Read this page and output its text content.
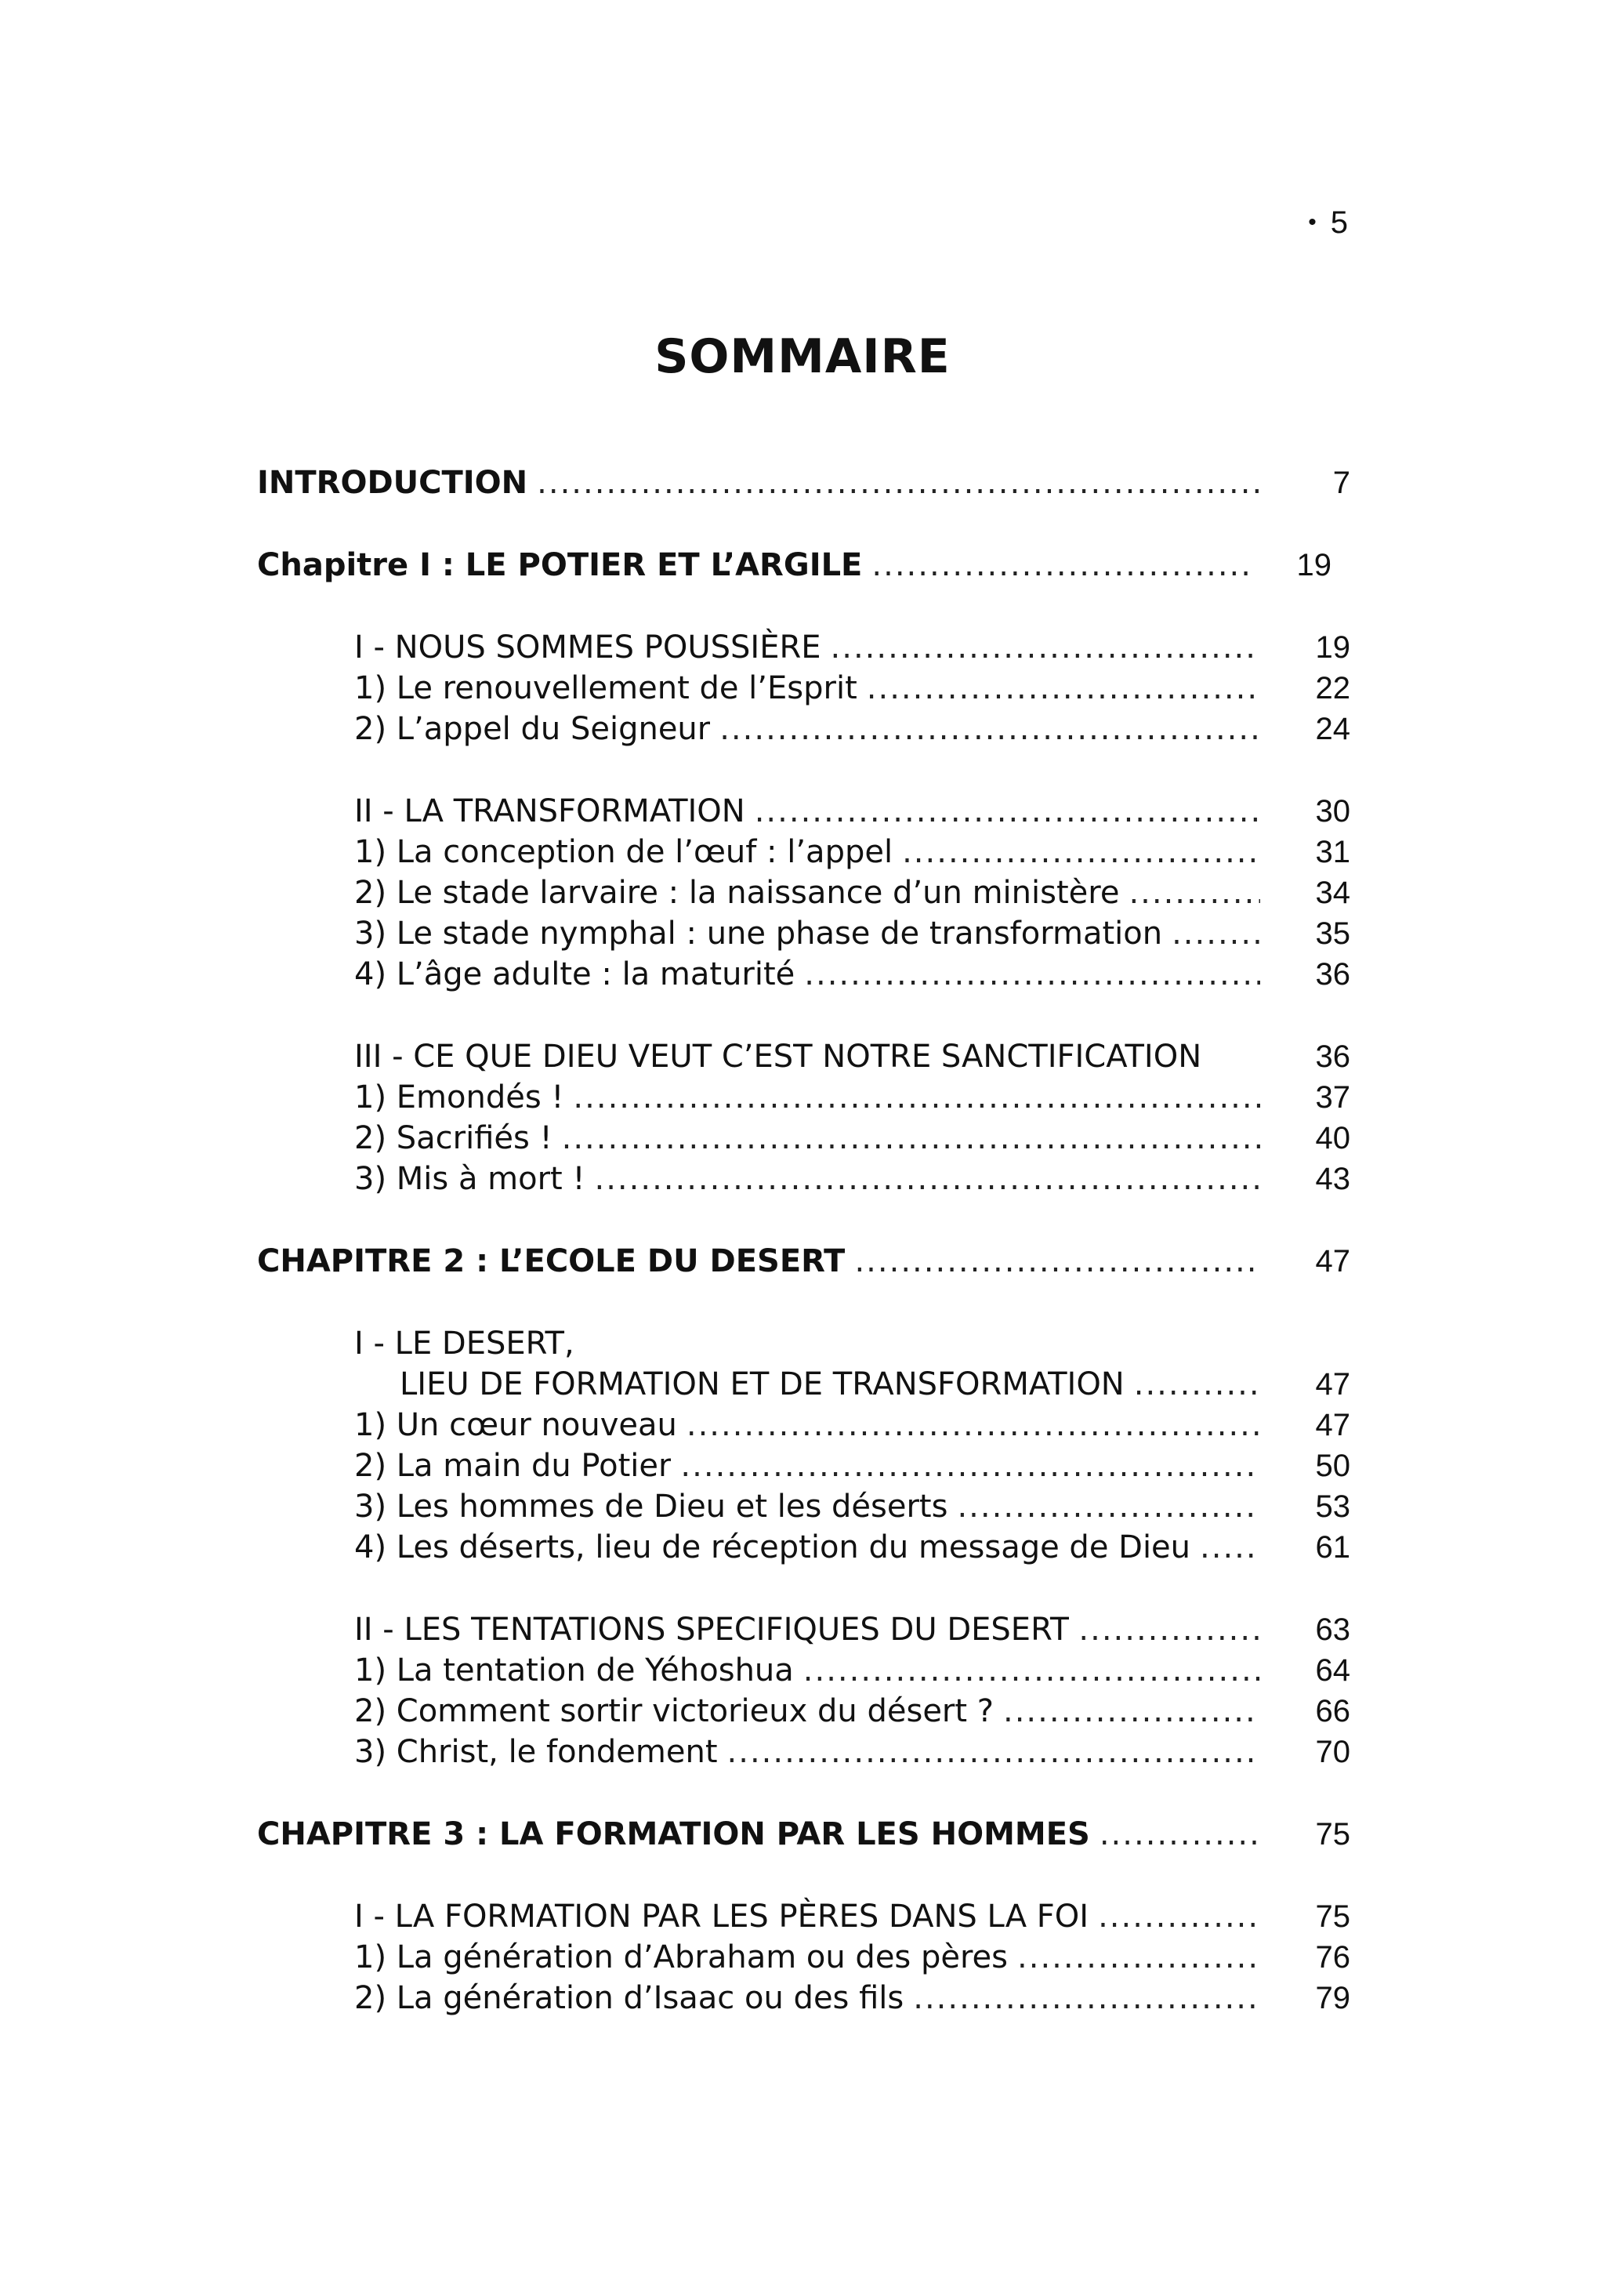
• 5
SOMMAIRE
INTRODUCTION .....	7
Chapitre I : LE POTIER ET L’ARGILE .....	19
I - NOUS SOMMES POUSSIÈRE .....	19
1) Le renouvellement de l’Esprit .....	22
2) L’appel du Seigneur .....	24
II - LA TRANSFORMATION .....	30
1) La conception de l’œuf : l’appel .....	31
2) Le stade larvaire : la naissance d’un ministère .....	34
3) Le stade nymphal : une phase de transformation .....	35
4) L’âge adulte : la maturité .....	36
III - CE QUE DIEU VEUT C’EST NOTRE SANCTIFICATION	36
1) Emondés ! .....	37
2) Sacrifiés ! .....	40
3) Mis à mort ! .....	43
CHAPITRE 2 : L’ECOLE DU DESERT .....	47
I - LE DESERT,
LIEU DE FORMATION ET DE TRANSFORMATION .....	47
1) Un cœur nouveau .....	47
2) La main du Potier .....	50
3) Les hommes de Dieu et les déserts .....	53
4) Les déserts, lieu de réception du message de Dieu .....	61
II - LES TENTATIONS SPECIFIQUES DU DESERT .....	63
1) La tentation de Yéhoshua .....	64
2) Comment sortir victorieux du désert ? .....	66
3) Christ, le fondement .....	70
CHAPITRE 3 : LA FORMATION PAR LES HOMMES .....	75
I - LA FORMATION PAR LES PÈRES DANS LA FOI .....	75
1) La génération d’Abraham ou des pères .....	76
2) La génération d’Isaac ou des fils .....	79
